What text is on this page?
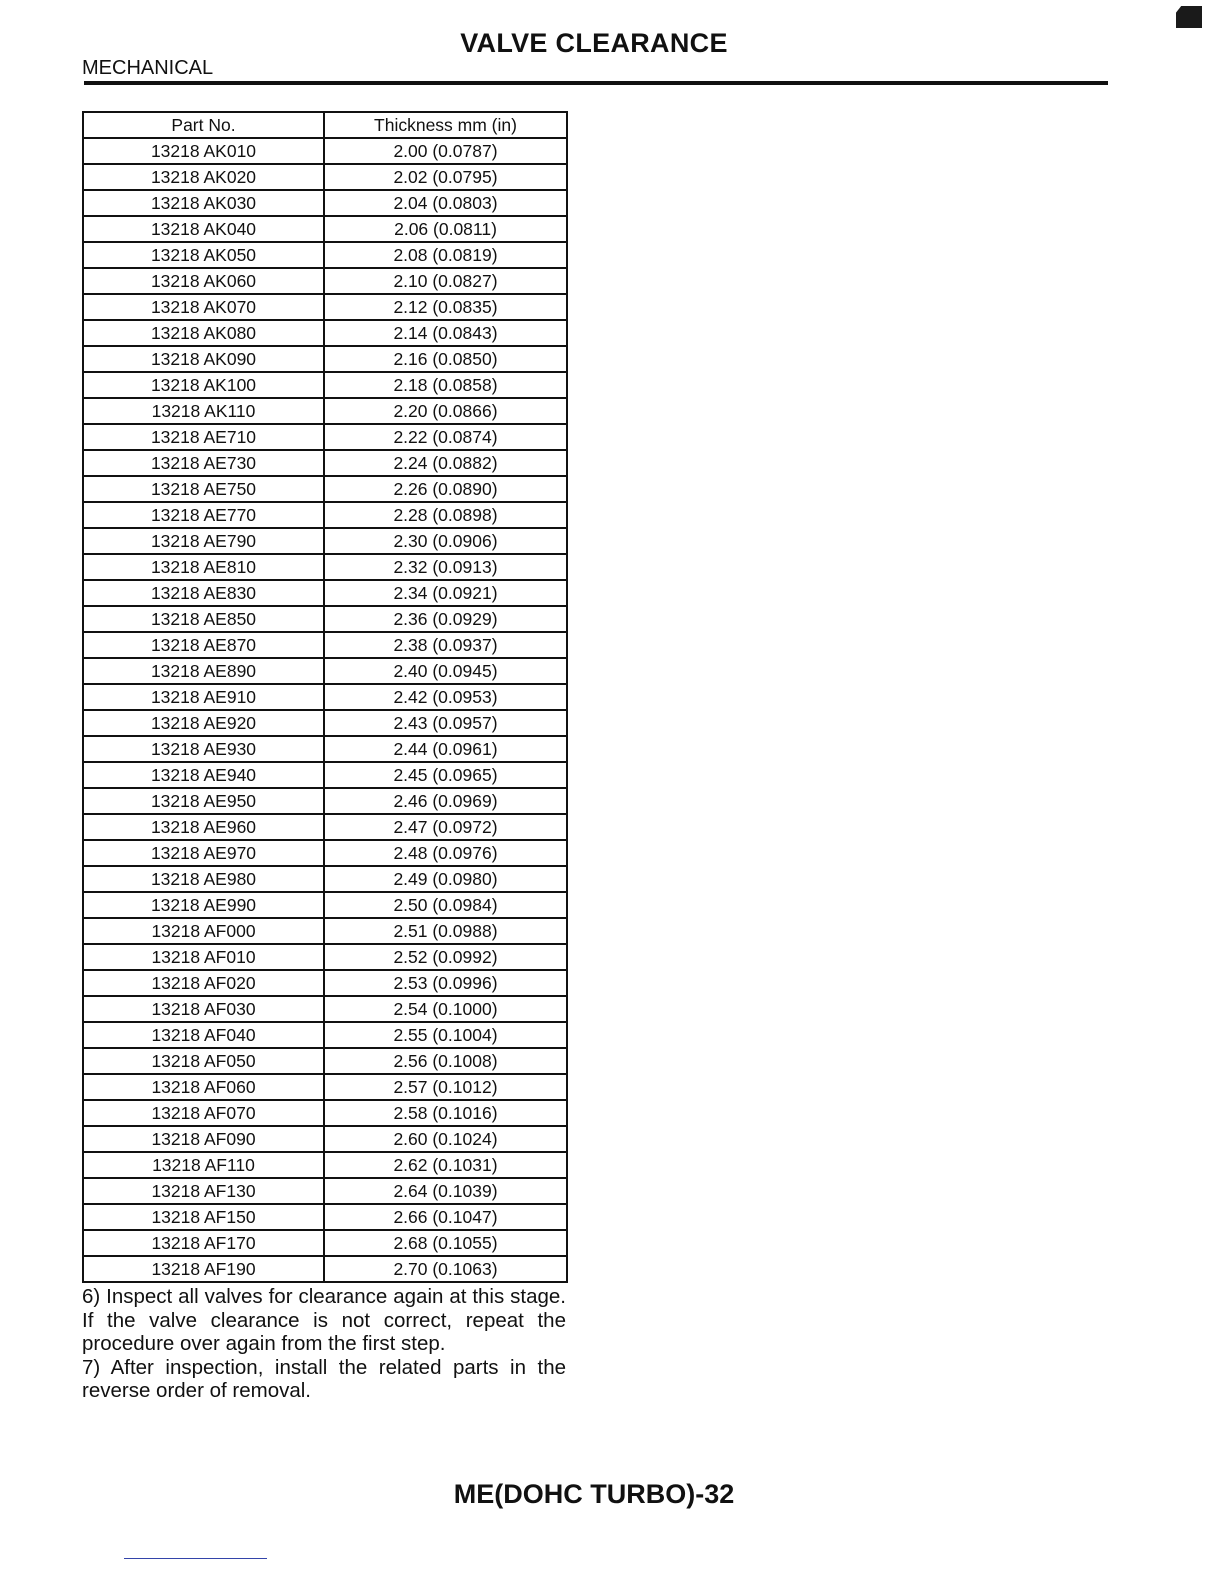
VALVE CLEARANCE
MECHANICAL
Part No.	Thickness mm (in)
13218 AK010	2.00 (0.0787)
13218 AK020	2.02 (0.0795)
13218 AK030	2.04 (0.0803)
13218 AK040	2.06 (0.0811)
13218 AK050	2.08 (0.0819)
13218 AK060	2.10 (0.0827)
13218 AK070	2.12 (0.0835)
13218 AK080	2.14 (0.0843)
13218 AK090	2.16 (0.0850)
13218 AK100	2.18 (0.0858)
13218 AK110	2.20 (0.0866)
13218 AE710	2.22 (0.0874)
13218 AE730	2.24 (0.0882)
13218 AE750	2.26 (0.0890)
13218 AE770	2.28 (0.0898)
13218 AE790	2.30 (0.0906)
13218 AE810	2.32 (0.0913)
13218 AE830	2.34 (0.0921)
13218 AE850	2.36 (0.0929)
13218 AE870	2.38 (0.0937)
13218 AE890	2.40 (0.0945)
13218 AE910	2.42 (0.0953)
13218 AE920	2.43 (0.0957)
13218 AE930	2.44 (0.0961)
13218 AE940	2.45 (0.0965)
13218 AE950	2.46 (0.0969)
13218 AE960	2.47 (0.0972)
13218 AE970	2.48 (0.0976)
13218 AE980	2.49 (0.0980)
13218 AE990	2.50 (0.0984)
13218 AF000	2.51 (0.0988)
13218 AF010	2.52 (0.0992)
13218 AF020	2.53 (0.0996)
13218 AF030	2.54 (0.1000)
13218 AF040	2.55 (0.1004)
13218 AF050	2.56 (0.1008)
13218 AF060	2.57 (0.1012)
13218 AF070	2.58 (0.1016)
13218 AF090	2.60 (0.1024)
13218 AF110	2.62 (0.1031)
13218 AF130	2.64 (0.1039)
13218 AF150	2.66 (0.1047)
13218 AF170	2.68 (0.1055)
13218 AF190	2.70 (0.1063)

6) Inspect all valves for clearance again at this stage. If the valve clearance is not correct, repeat the procedure over again from the first step.

7) After inspection, install the related parts in the reverse order of removal.

ME(DOHC TURBO)-32
